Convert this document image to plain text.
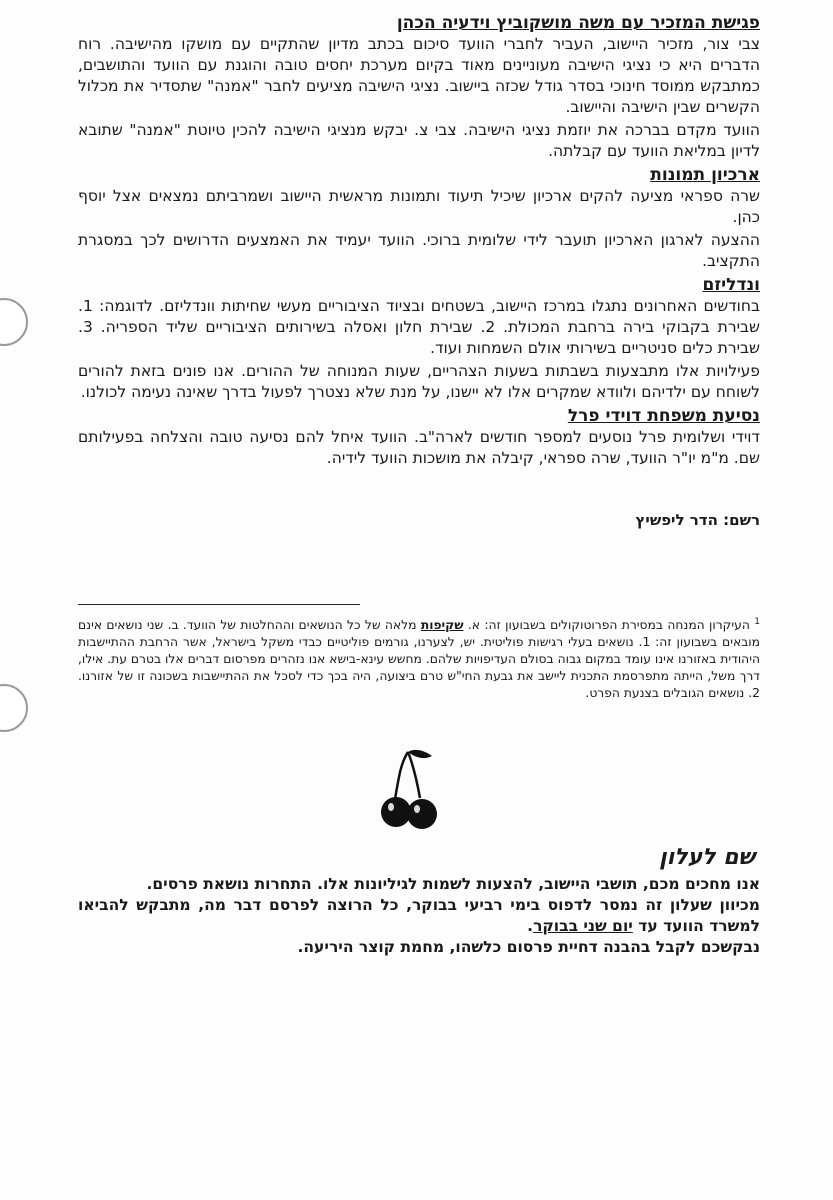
פגישת המזכיר עם משה מושקוביץ וידעיה הכהן

צבי צור, מזכיר היישוב, העביר לחברי הוועד סיכום בכתב מדיון שהתקיים עם מושקו מהישיבה. רוח הדברים היא כי נציגי הישיבה מעוניינים מאוד בקיום מערכת יחסים טובה והוגנת עם הוועד והתושבים, כמתבקש ממוסד חינוכי בסדר גודל שכזה ביישוב. נציגי הישיבה מציעים לחבר "אמנה" שתסדיר את מכלול הקשרים שבין הישיבה והיישוב.

הוועד מקדם בברכה את יוזמת נציגי הישיבה. צבי צ. יבקש מנציגי הישיבה להכין טיוטת "אמנה" שתובא לדיון במליאת הוועד עם קבלתה.

ארכיון תמונות

שרה ספראי מציעה להקים ארכיון שיכיל תיעוד ותמונות מראשית היישוב ושמרביתם נמצאים אצל יוסף כהן.

ההצעה לארגון הארכיון תועבר לידי שלומית ברוכי. הוועד יעמיד את האמצעים הדרושים לכך במסגרת התקציב.

ונדליזם

בחודשים האחרונים נתגלו במרכז היישוב, בשטחים ובציוד הציבוריים מעשי שחיתות וונדליזם. לדוגמה: 1. שבירת בקבוקי בירה ברחבת המכולת. 2. שבירת חלון ואסלה בשירותים הציבוריים שליד הספריה. 3. שבירת כלים סניטריים בשירותי אולם השמחות ועוד.

פעילויות אלו מתבצעות בשבתות בשעות הצהריים, שעות המנוחה של ההורים. אנו פונים בזאת להורים לשוחח עם ילדיהם ולוודא שמקרים אלו לא יישנו, על מנת שלא נצטרך לפעול בדרך שאינה נעימה לכולנו.

נסיעת משפחת דוידי פרל

דוידי ושלומית פרל נוסעים למספר חודשים לארה"ב. הוועד איחל להם נסיעה טובה והצלחה בפעילותם שם. מ"מ יו"ר הוועד, שרה ספראי, קיבלה את מושכות הוועד לידיה.

רשם: הדר ליפשיץ

$^1$ העיקרון המנחה במסירת הפרוטוקולים בשבועון זה: א. שקיפות מלאה של כל הנושאים וההחלטות של הוועד. ב. שני נושאים אינם מובאים בשבועון זה: 1. נושאים בעלי רגישות פוליטית. יש, לצערנו, גורמים פוליטיים כבדי משקל בישראל, אשר הרחבת ההתיישבות היהודית באזורנו אינו עומד במקום גבוה בסולם העדיפויות שלהם. מחשש עינא-בישא אנו נזהרים מפרסום דברים אלו בטרם עת. אילו, דרך משל, הייתה מתפרסמת התכנית ליישב את גבעת החי"ש טרם ביצועה, היה בכך כדי לסכל את ההתיישבות בשכונה זו של אזורנו. 2. נושאים הגובלים בצנעת הפרט.
שם לעלון

אנו מחכים מכם, תושבי היישוב, להצעות לשמות לגיליונות אלו. התחרות נושאת פרסים.

מכיוון שעלון זה נמסר לדפוס בימי רביעי בבוקר, כל הרוצה לפרסם דבר מה, מתבקש להביאו למשרד הוועד עד יום שני בבוקר.

נבקשכם לקבל בהבנה דחיית פרסום כלשהו, מחמת קוצר היריעה.
